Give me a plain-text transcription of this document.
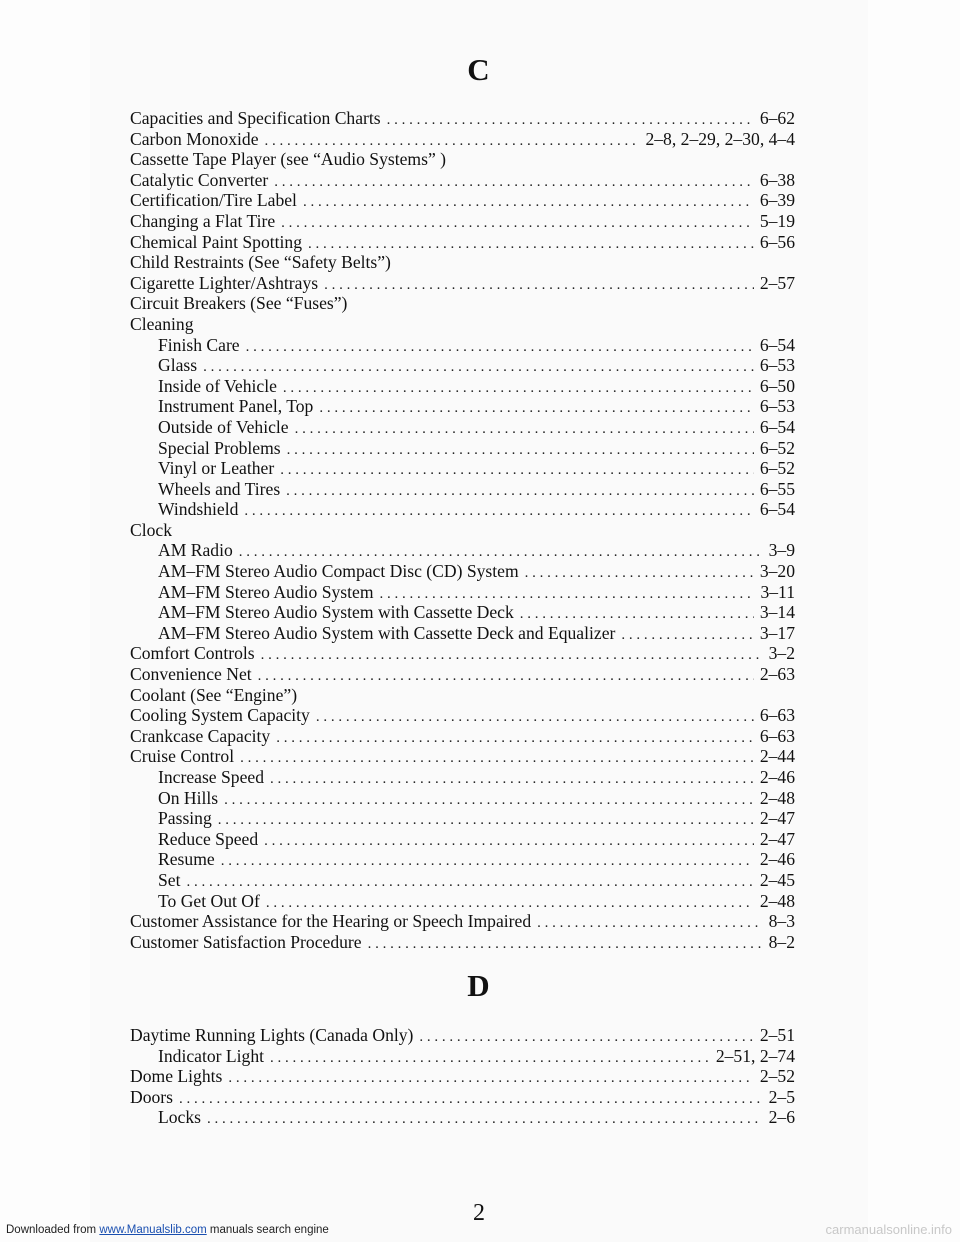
C
Capacities and Specification Charts . . .	6–62
Carbon Monoxide . . .	2–8, 2–29, 2–30, 4–4
Cassette Tape Player (see “Audio Systems” )
Catalytic Converter . . .	6–38
Certification/Tire Label . . .	6–39
Changing a Flat Tire . . .	5–19
Chemical Paint Spotting . . .	6–56
Child Restraints (See “Safety Belts”)
Cigarette Lighter/Ashtrays . . .	2–57
Circuit Breakers (See “Fuses”)
Cleaning
Finish Care . . .	6–54
Glass . . .	6–53
Inside of Vehicle . . .	6–50
Instrument Panel, Top . . .	6–53
Outside of Vehicle . . .	6–54
Special Problems . . .	6–52
Vinyl or Leather . . .	6–52
Wheels and Tires . . .	6–55
Windshield . . .	6–54
Clock
AM Radio . . .	3–9
AM–FM Stereo Audio Compact Disc (CD) System . . .	3–20
AM–FM Stereo Audio System . . .	3–11
AM–FM Stereo Audio System with Cassette Deck . . .	3–14
AM–FM Stereo Audio System with Cassette Deck and Equalizer . . .	3–17
Comfort Controls . . .	3–2
Convenience Net . . .	2–63
Coolant (See “Engine”)
Cooling System Capacity . . .	6–63
Crankcase Capacity . . .	6–63
Cruise Control . . .	2–44
Increase Speed . . .	2–46
On Hills . . .	2–48
Passing . . .	2–47
Reduce Speed . . .	2–47
Resume . . .	2–46
Set . . .	2–45
To Get Out Of . . .	2–48
Customer Assistance for the Hearing or Speech Impaired . . .	8–3
Customer Satisfaction Procedure . . .	8–2
D
Daytime Running Lights (Canada Only) . . .	2–51
Indicator Light . . .	2–51, 2–74
Dome Lights . . .	2–52
Doors . . .	2–5
Locks . . .	2–6
2
Downloaded from www.Manualslib.com manuals search engine	carmanualsonline.info
